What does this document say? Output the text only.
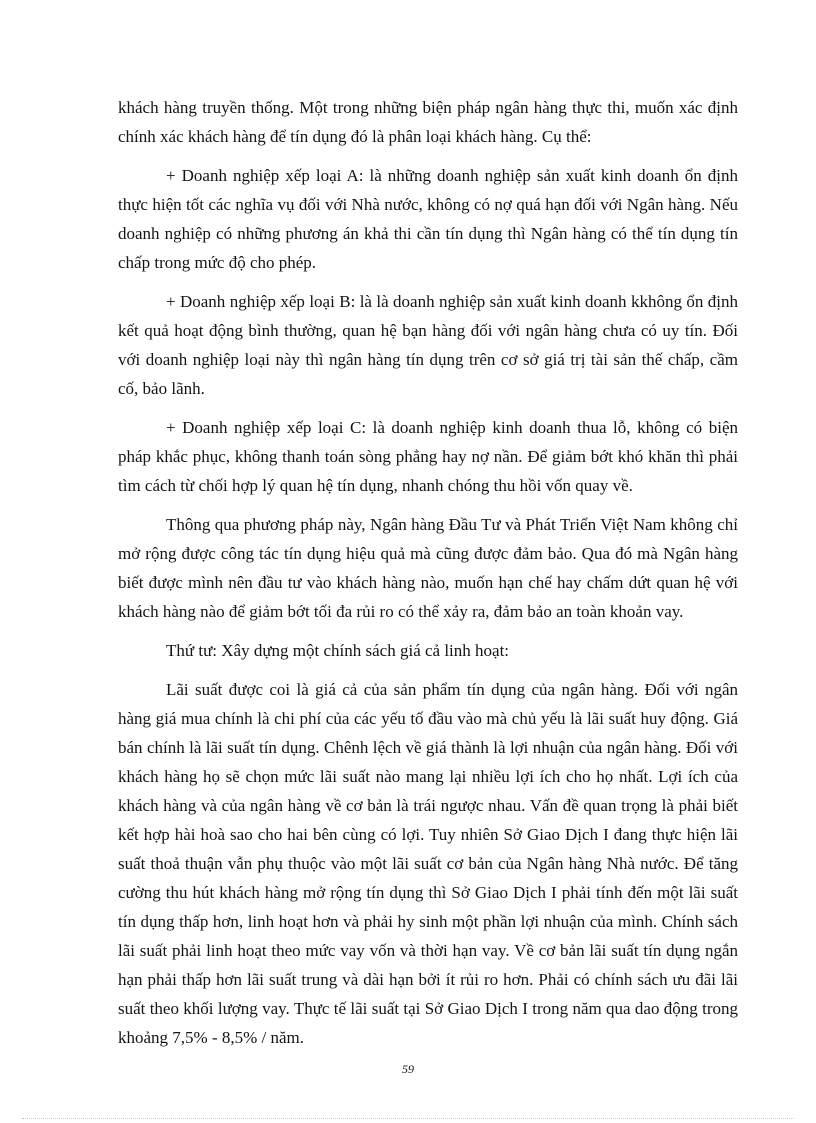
khách hàng truyền thống. Một trong những biện pháp ngân hàng thực thi, muốn xác định chính xác khách hàng để tín dụng đó là phân loại khách hàng. Cụ thể:

+ Doanh nghiệp xếp loại A: là những doanh nghiệp sản xuất kinh doanh ổn định thực hiện tốt các nghĩa vụ đối với Nhà nước, không có nợ quá hạn đối với Ngân hàng. Nếu doanh nghiệp có những phương án khả thi cần tín dụng thì Ngân hàng có thể tín dụng tín chấp trong mức độ cho phép.

+ Doanh nghiệp xếp loại B: là là doanh nghiệp sản xuất kinh doanh kkhông ổn định kết quả hoạt động bình thường, quan hệ bạn hàng đối với ngân hàng chưa có uy tín. Đối với doanh nghiệp loại này thì ngân hàng tín dụng trên cơ sở giá trị tài sản thế chấp, cầm cố, bảo lãnh.

+ Doanh nghiệp xếp loại C: là doanh nghiệp kinh doanh thua lỗ, không có biện pháp khắc phục, không thanh toán sòng phẳng hay nợ nần. Để giảm bớt khó khăn thì phải tìm cách từ chối hợp lý quan hệ tín dụng, nhanh chóng thu hồi vốn quay về.

Thông qua phương pháp này, Ngân hàng Đầu Tư và Phát Triển Việt Nam không chỉ mở rộng được công tác tín dụng hiệu quả mà cũng được đảm bảo. Qua đó mà Ngân hàng biết được mình nên đầu tư vào khách hàng nào, muốn hạn chế hay chấm dứt quan hệ với khách hàng nào để giảm bớt tối đa rủi ro có thể xảy ra, đảm bảo an toàn khoản vay.

Thứ tư: Xây dựng một chính sách giá cả linh hoạt:

Lãi suất được coi là giá cả của sản phẩm tín dụng của ngân hàng. Đối với ngân hàng giá mua chính là chi phí của các yếu tố đầu vào mà chủ yếu là lãi suất huy động. Giá bán chính là lãi suất tín dụng. Chênh lệch về giá thành là lợi nhuận của ngân hàng. Đối với khách hàng họ sẽ chọn mức lãi suất nào mang lại nhiều lợi ích cho họ nhất. Lợi ích của khách hàng và của ngân hàng về cơ bản là trái ngược nhau. Vấn đề quan trọng là phải biết kết hợp hài hoà sao cho hai bên cùng có lợi. Tuy nhiên Sở Giao Dịch I đang thực hiện lãi suất thoả thuận vẫn phụ thuộc vào một lãi suất cơ bản của Ngân hàng Nhà nước. Để tăng cường thu hút khách hàng mở rộng tín dụng thì Sở Giao Dịch I phải tính đến một lãi suất tín dụng thấp hơn, linh hoạt hơn và phải hy sinh một phần lợi nhuận của mình. Chính sách lãi suất phải linh hoạt theo mức vay vốn và thời hạn vay. Về cơ bản lãi suất tín dụng ngắn hạn phải thấp hơn lãi suất trung và dài hạn bởi ít rủi ro hơn. Phải có chính sách ưu đãi lãi suất theo khối lượng vay. Thực tế lãi suất tại Sở Giao Dịch I trong năm qua dao động trong khoảng 7,5% - 8,5% / năm.

59
